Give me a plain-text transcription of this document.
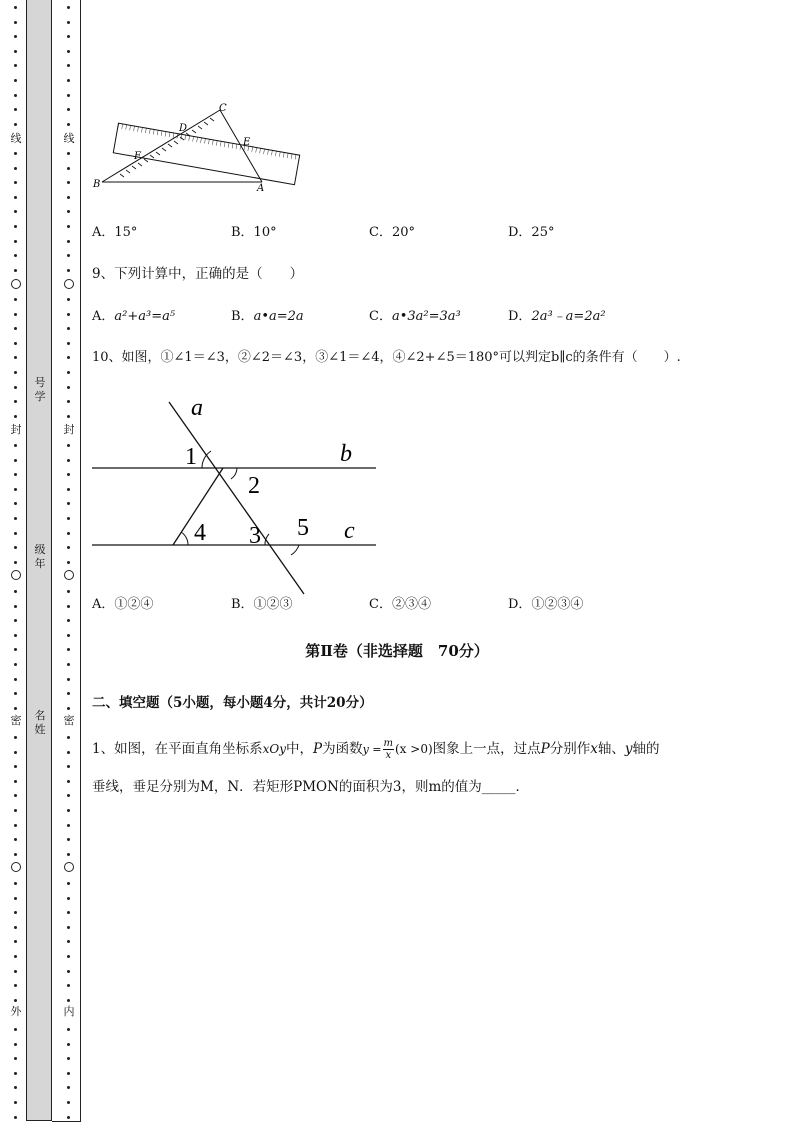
线
封
密
外
号学
级年
名姓
线
封
密
内
C
D
E
F
B	A
A．15°	B．10°	C．20°	D．25°
9、下列计算中，正确的是（　　）
A．a²+a³=a⁵	B．a•a=2a	C．a•3a²=3a³	D．2a³﹣a=2a²
10、如图，①∠1＝∠3，②∠2＝∠3，③∠1＝∠4，④∠2+∠5＝180°可以判定b∥c的条件有（　　）.
a
b
c
1
2
4 3 5
A．①②④	B．①②③	C．②③④	D．①②③④
第Ⅱ卷（非选择题　70分）
二、填空题（5小题，每小题4分，共计20分）
1、如图，在平面直角坐标系xOy中，P为函数$y = \frac{m}{x} (x >0)$图象上一点，过点P分别作x轴、y轴的
垂线，垂足分别为M，N．若矩形PMON的面积为3，则m的值为_____．
